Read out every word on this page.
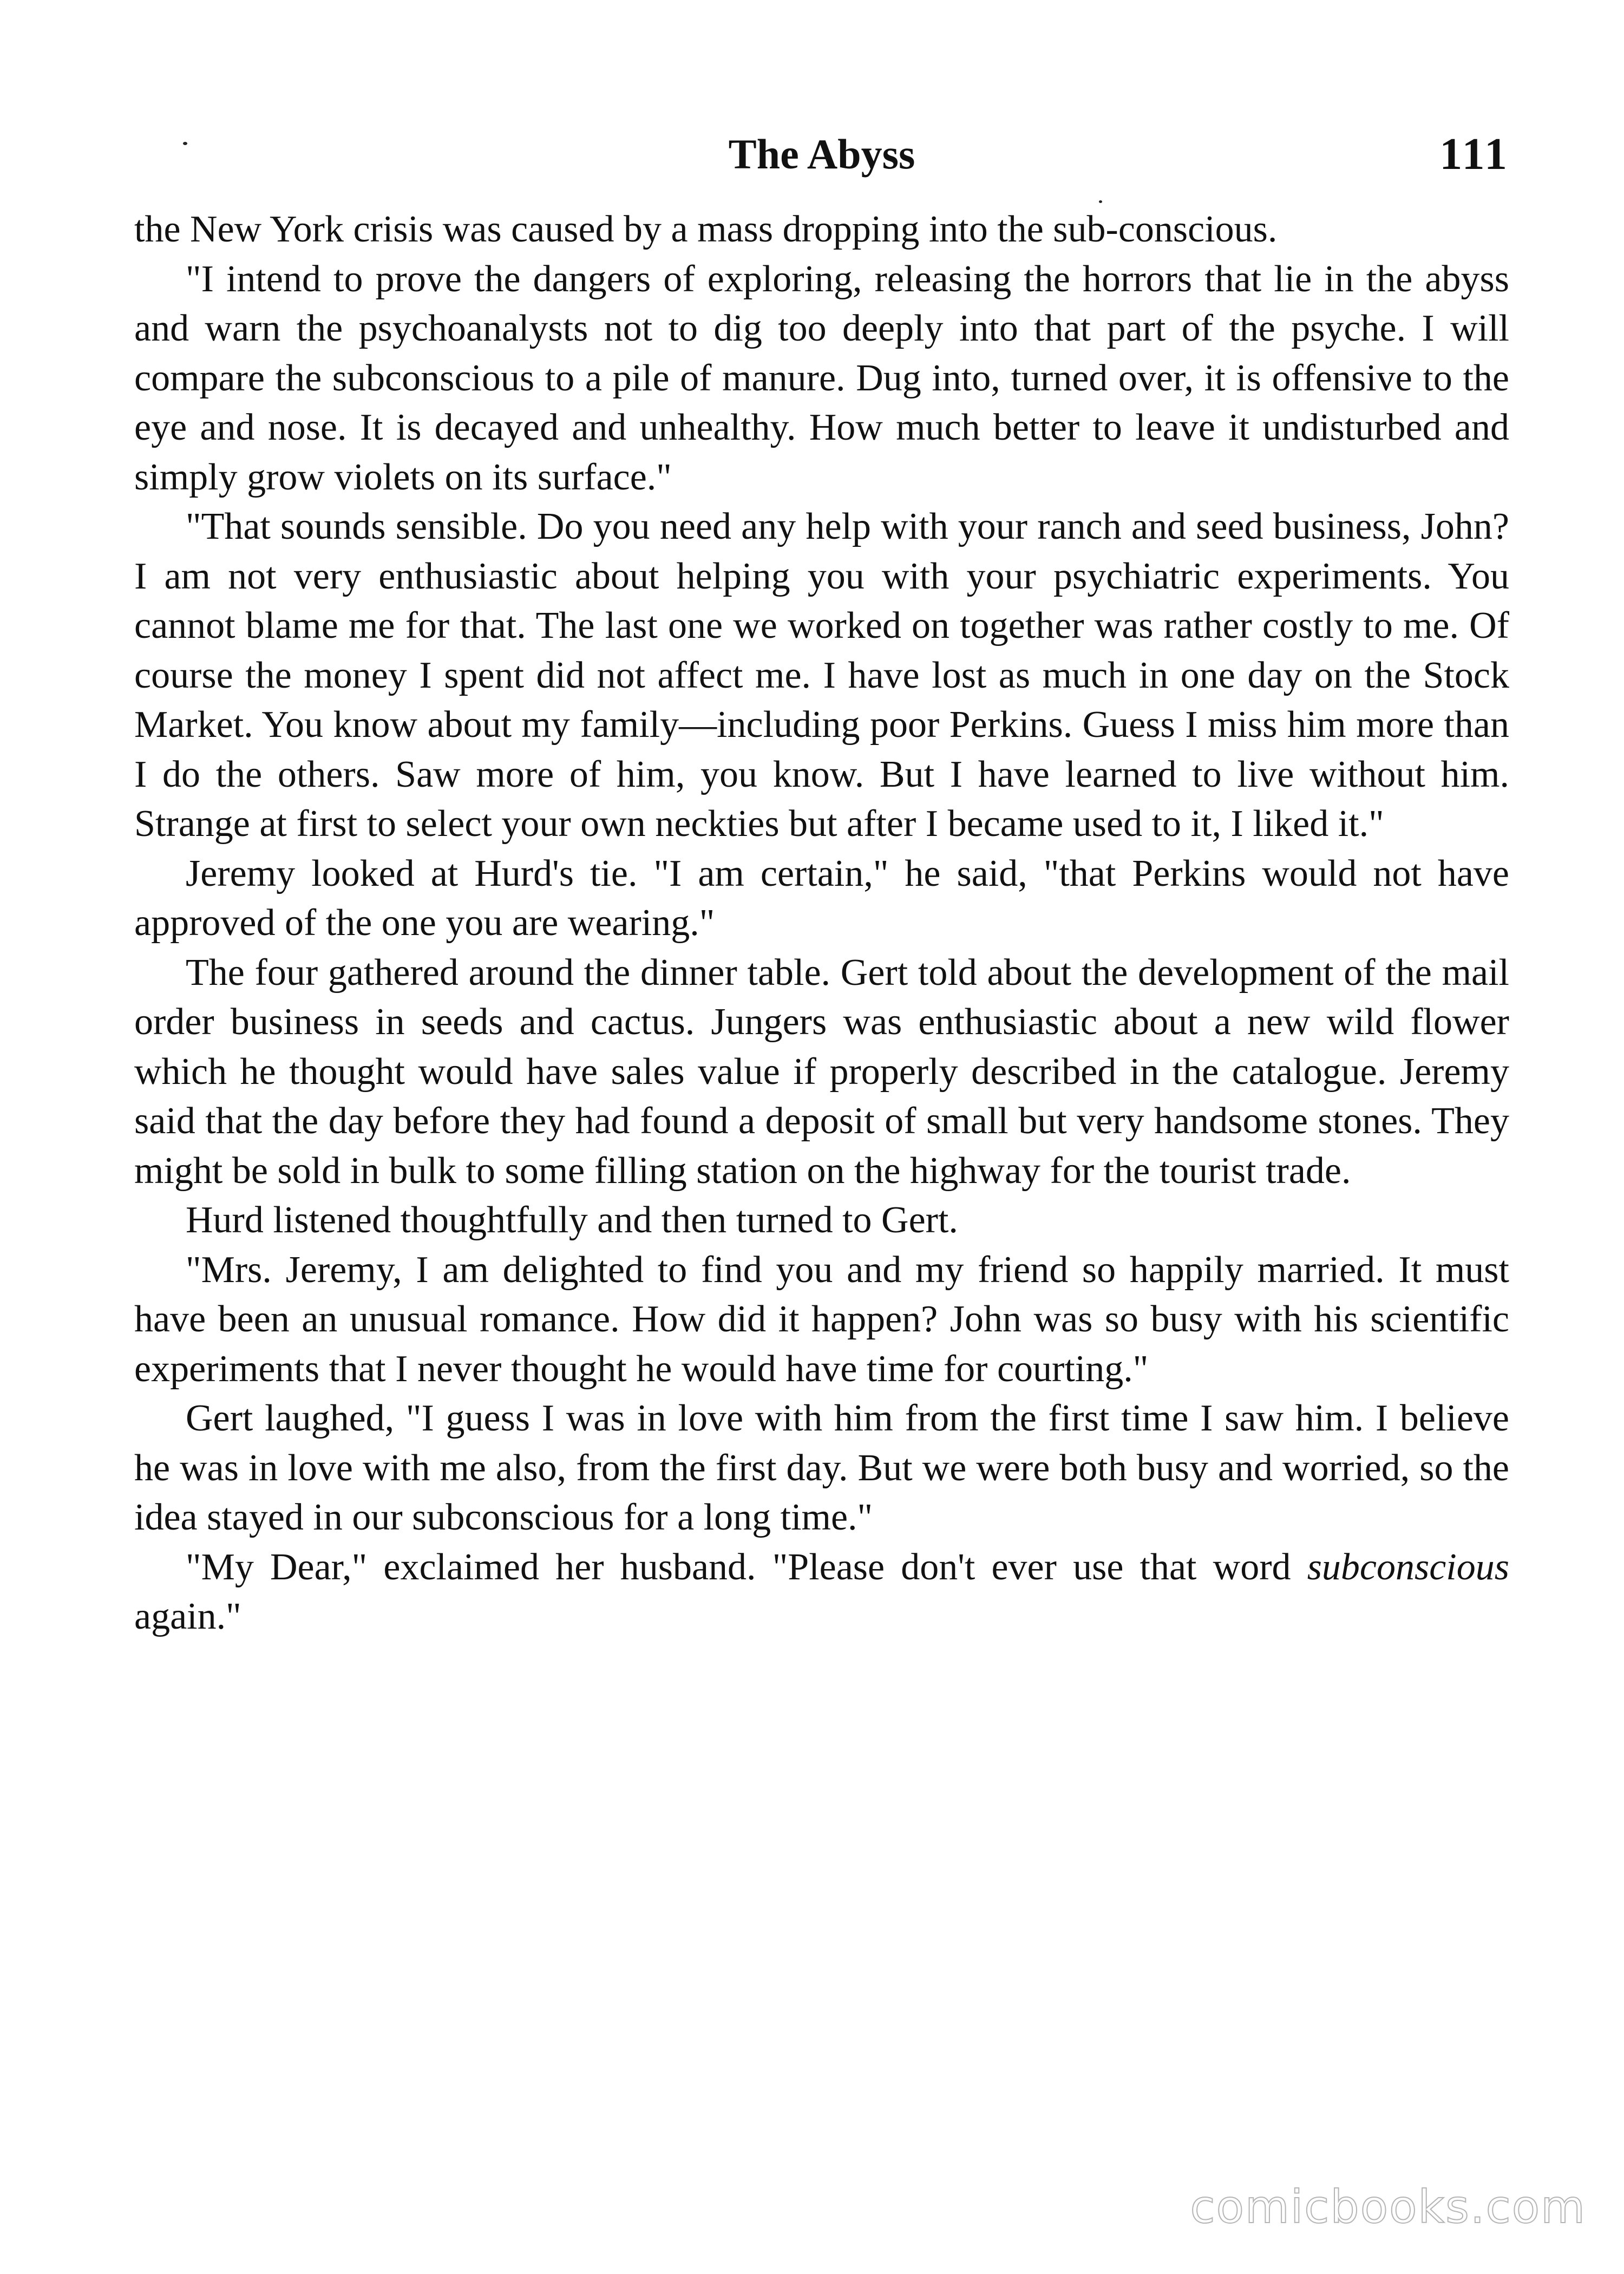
The Abyss	111

the New York crisis was caused by a mass dropping into the sub-conscious.

"I intend to prove the dangers of exploring, releasing the horrors that lie in the abyss and warn the psychoanalysts not to dig too deeply into that part of the psyche. I will compare the subconscious to a pile of manure. Dug into, turned over, it is offensive to the eye and nose. It is decayed and unhealthy. How much better to leave it undisturbed and simply grow violets on its surface."

"That sounds sensible. Do you need any help with your ranch and seed business, John? I am not very enthusiastic about helping you with your psychiatric experiments. You cannot blame me for that. The last one we worked on together was rather costly to me. Of course the money I spent did not affect me. I have lost as much in one day on the Stock Market. You know about my family—including poor Perkins. Guess I miss him more than I do the others. Saw more of him, you know. But I have learned to live without him. Strange at first to select your own neckties but after I became used to it, I liked it."

Jeremy looked at Hurd's tie. "I am certain," he said, "that Perkins would not have approved of the one you are wearing."

The four gathered around the dinner table. Gert told about the development of the mail order business in seeds and cactus. Jungers was enthusiastic about a new wild flower which he thought would have sales value if properly described in the catalogue. Jeremy said that the day before they had found a deposit of small but very handsome stones. They might be sold in bulk to some filling station on the highway for the tourist trade.

Hurd listened thoughtfully and then turned to Gert.

"Mrs. Jeremy, I am delighted to find you and my friend so happily married. It must have been an unusual romance. How did it happen? John was so busy with his scientific experiments that I never thought he would have time for courting."

Gert laughed, "I guess I was in love with him from the first time I saw him. I believe he was in love with me also, from the first day. But we were both busy and worried, so the idea stayed in our subconscious for a long time."

"My Dear," exclaimed her husband. "Please don't ever use that word subconscious again."

comicbooks.com
